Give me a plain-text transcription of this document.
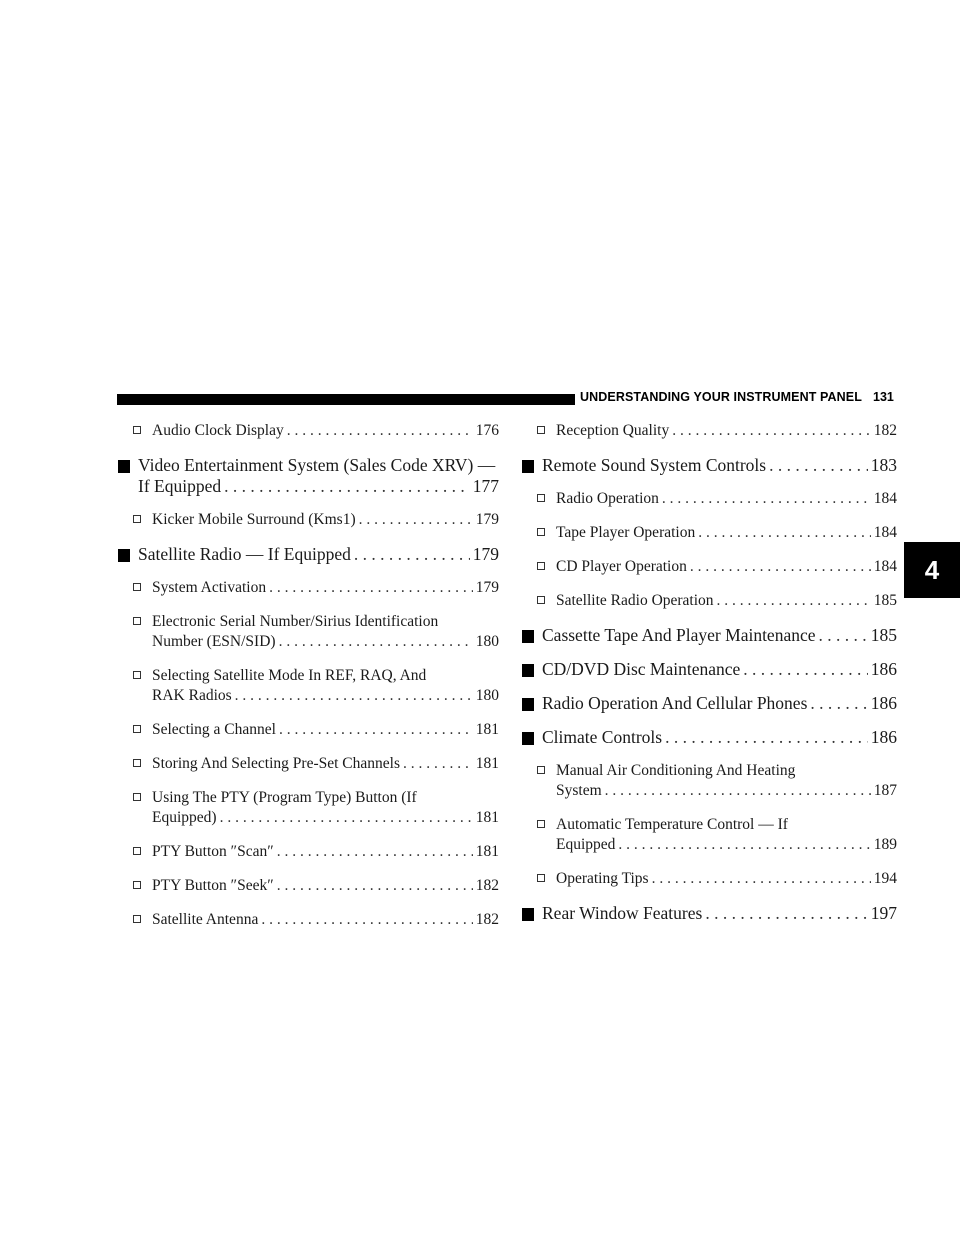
UNDERSTANDING YOUR INSTRUMENT PANEL 131
4
Audio Clock Display . . .	176
Video Entertainment System (Sales Code XRV) —
If Equipped . . .	177
Kicker Mobile Surround (Kms1) . . .	179
Satellite Radio — If Equipped . . .	179
System Activation . . .	179
Electronic Serial Number/Sirius Identification
Number (ESN/SID) . . .	180
Selecting Satellite Mode In REF, RAQ, And
RAK Radios . . .	180
Selecting a Channel . . .	181
Storing And Selecting Pre-Set Channels . . .	181
Using The PTY (Program Type) Button (If
Equipped) . . .	181
PTY Button ″Scan″ . . .	181
PTY Button ″Seek″ . . .	182
Satellite Antenna . . .	182
Reception Quality . . .	182
Remote Sound System Controls . . .	183
Radio Operation . . .	184
Tape Player Operation . . .	184
CD Player Operation . . .	184
Satellite Radio Operation . . .	185
Cassette Tape And Player Maintenance . . .	185
CD/DVD Disc Maintenance . . .	186
Radio Operation And Cellular Phones . . .	186
Climate Controls . . .	186
Manual Air Conditioning And Heating
System . . .	187
Automatic Temperature Control — If
Equipped . . .	189
Operating Tips . . .	194
Rear Window Features . . .	197
